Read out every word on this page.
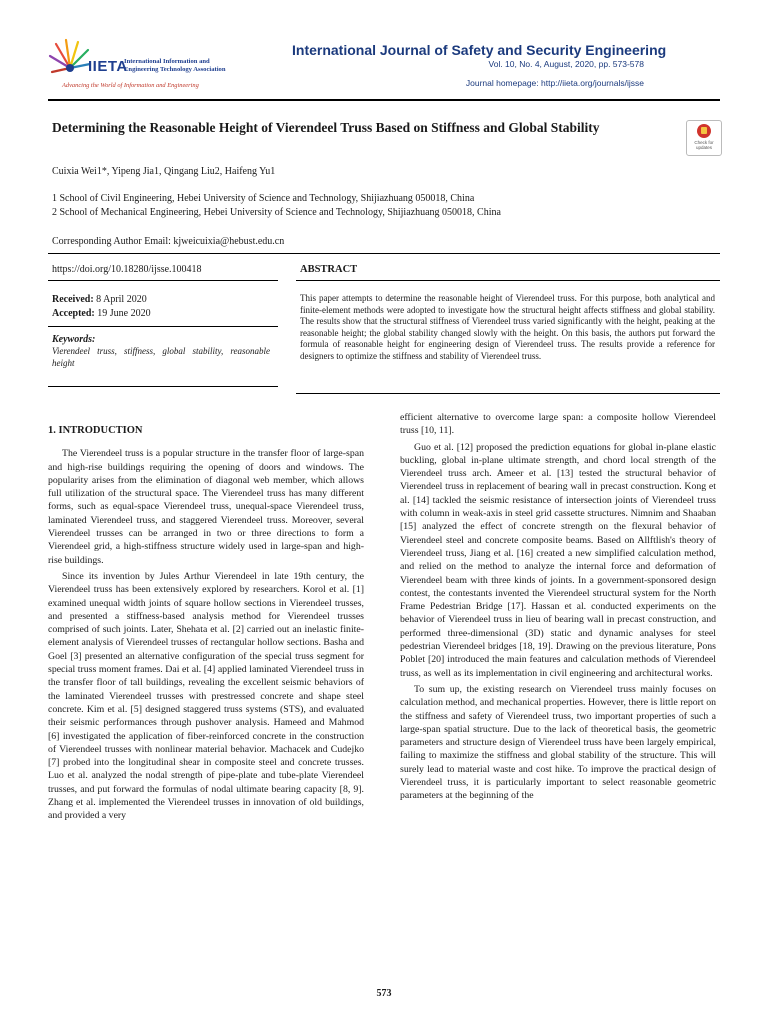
IIETA
International Information and
Engineering Technology Association
Advancing the World of Information and Engineering
International Journal of Safety and Security Engineering
Vol. 10, No. 4, August, 2020, pp. 573-578
Journal homepage: http://iieta.org/journals/ijsse
Determining the Reasonable Height of Vierendeel Truss Based on Stiffness and Global Stability
Check for updates
Cuixia Wei1*, Yipeng Jia1, Qingang Liu2, Haifeng Yu1
1 School of Civil Engineering, Hebei University of Science and Technology, Shijiazhuang 050018, China
2 School of Mechanical Engineering, Hebei University of Science and Technology, Shijiazhuang 050018, China
Corresponding Author Email: kjweicuixia@hebust.edu.cn
https://doi.org/10.18280/ijsse.100418
Received: 8 April 2020
Accepted: 19 June 2020
Keywords:
Vierendeel truss, stiffness, global stability, reasonable height
ABSTRACT
This paper attempts to determine the reasonable height of Vierendeel truss. For this purpose, both analytical and finite-element methods were adopted to investigate how the structural height affects stiffness and global stability. The results show that the structural stiffness of Vierendeel truss varied significantly with the height, peaking at the reasonable height; the global stability changed slowly with the height. On this basis, the authors put forward the formula of reasonable height for engineering design of Vierendeel truss. The results provide a reference for designers to optimize the stiffness and stability of Vierendeel truss.
1. INTRODUCTION

The Vierendeel truss is a popular structure in the transfer floor of large-span and high-rise buildings requiring the opening of doors and windows. The popularity arises from the elimination of diagonal web member, which allows full utilization of the structural space. The Vierendeel truss has many different forms, such as equal-space Vierendeel truss, unequal-space Vierendeel truss, laminated Vierendeel truss, and staggered Vierendeel truss. Moreover, several Vierendeel trusses can be arranged in two or three directions to form a Vierendeel grid, a high-stiffness structure widely used in large-span and high-rise buildings.

Since its invention by Jules Arthur Vierendeel in late 19th century, the Vierendeel truss has been extensively explored by researchers. Korol et al. [1] examined unequal width joints of square hollow sections in Vierendeel trusses, and presented a stiffness-based analysis method for Vierendeel trusses comprised of such joints. Later, Shehata et al. [2] carried out an inelastic finite-element analysis of Vierendeel trusses of rectangular hollow sections. Basha and Goel [3] presented an alternative configuration of the special truss segment for special truss moment frames. Dai et al. [4] applied laminated Vierendeel truss in the transfer floor of tall buildings, revealing the excellent seismic behaviors of the laminated Vierendeel trusses with prestressed concrete and shape steel concrete. Kim et al. [5] designed staggered truss systems (STS), and evaluated their seismic performances through pushover analysis. Hameed and Mahmod [6] investigated the application of fiber-reinforced concrete in the construction of Vierendeel trusses with nonlinear material behavior. Machacek and Cudejko [7] probed into the longitudinal shear in composite steel and concrete trusses. Luo et al. analyzed the nodal strength of pipe-plate and tube-plate Vierendeel trusses, and put forward the formulas of nodal ultimate bearing capacity [8, 9]. Zhang et al. implemented the Vierendeel trusses in innovation of old buildings, and provided a very

efficient alternative to overcome large span: a composite hollow Vierendeel truss [10, 11].

Guo et al. [12] proposed the prediction equations for global in-plane elastic buckling, global in-plane ultimate strength, and chord local strength of the Vierendeel truss arch. Ameer et al. [13] tested the structural behavior of Vierendeel truss in replacement of bearing wall in precast construction. Kong et al. [14] tackled the seismic resistance of intersection joints of Vierendeel truss with column in weak-axis in steel grid cassette structures. Nimnim and Shaaban [15] analyzed the effect of concrete strength on the flexural behavior of Vierendeel steel and concrete composite beams. Based on Allftlish's theory of Vierendeel truss, Jiang et al. [16] created a new simplified calculation method, and relied on the method to analyze the internal force and deformation of Vierendeel beam with three kinds of joints. In a government-sponsored design contest, the contestants invented the Vierendeel structural system for the North Frame Pedestrian Bridge [17]. Hassan et al. conducted experiments on the behavior of Vierendeel truss in lieu of bearing wall in precast construction, and performed three-dimensional (3D) static and dynamic analyses for steel pedestrian Vierendeel bridges [18, 19]. Drawing on the previous literature, Pons Poblet [20] introduced the main features and calculation methods of Vierendeel truss, as well as its implementation in civil engineering and architectural works.

To sum up, the existing research on Vierendeel truss mainly focuses on calculation method, and mechanical properties. However, there is little report on the stiffness and safety of Vierendeel truss, two important properties of such a large-span spatial structure. Due to the lack of theoretical basis, the geometric parameters and structure design of Vierendeel truss have been largely empirical, failing to maximize the stiffness and global stability of the structure. This will surely lead to material waste and cost hike. To improve the practical design of Vierendeel truss, it is particularly important to select reasonable geometric parameters at the beginning of the

573
